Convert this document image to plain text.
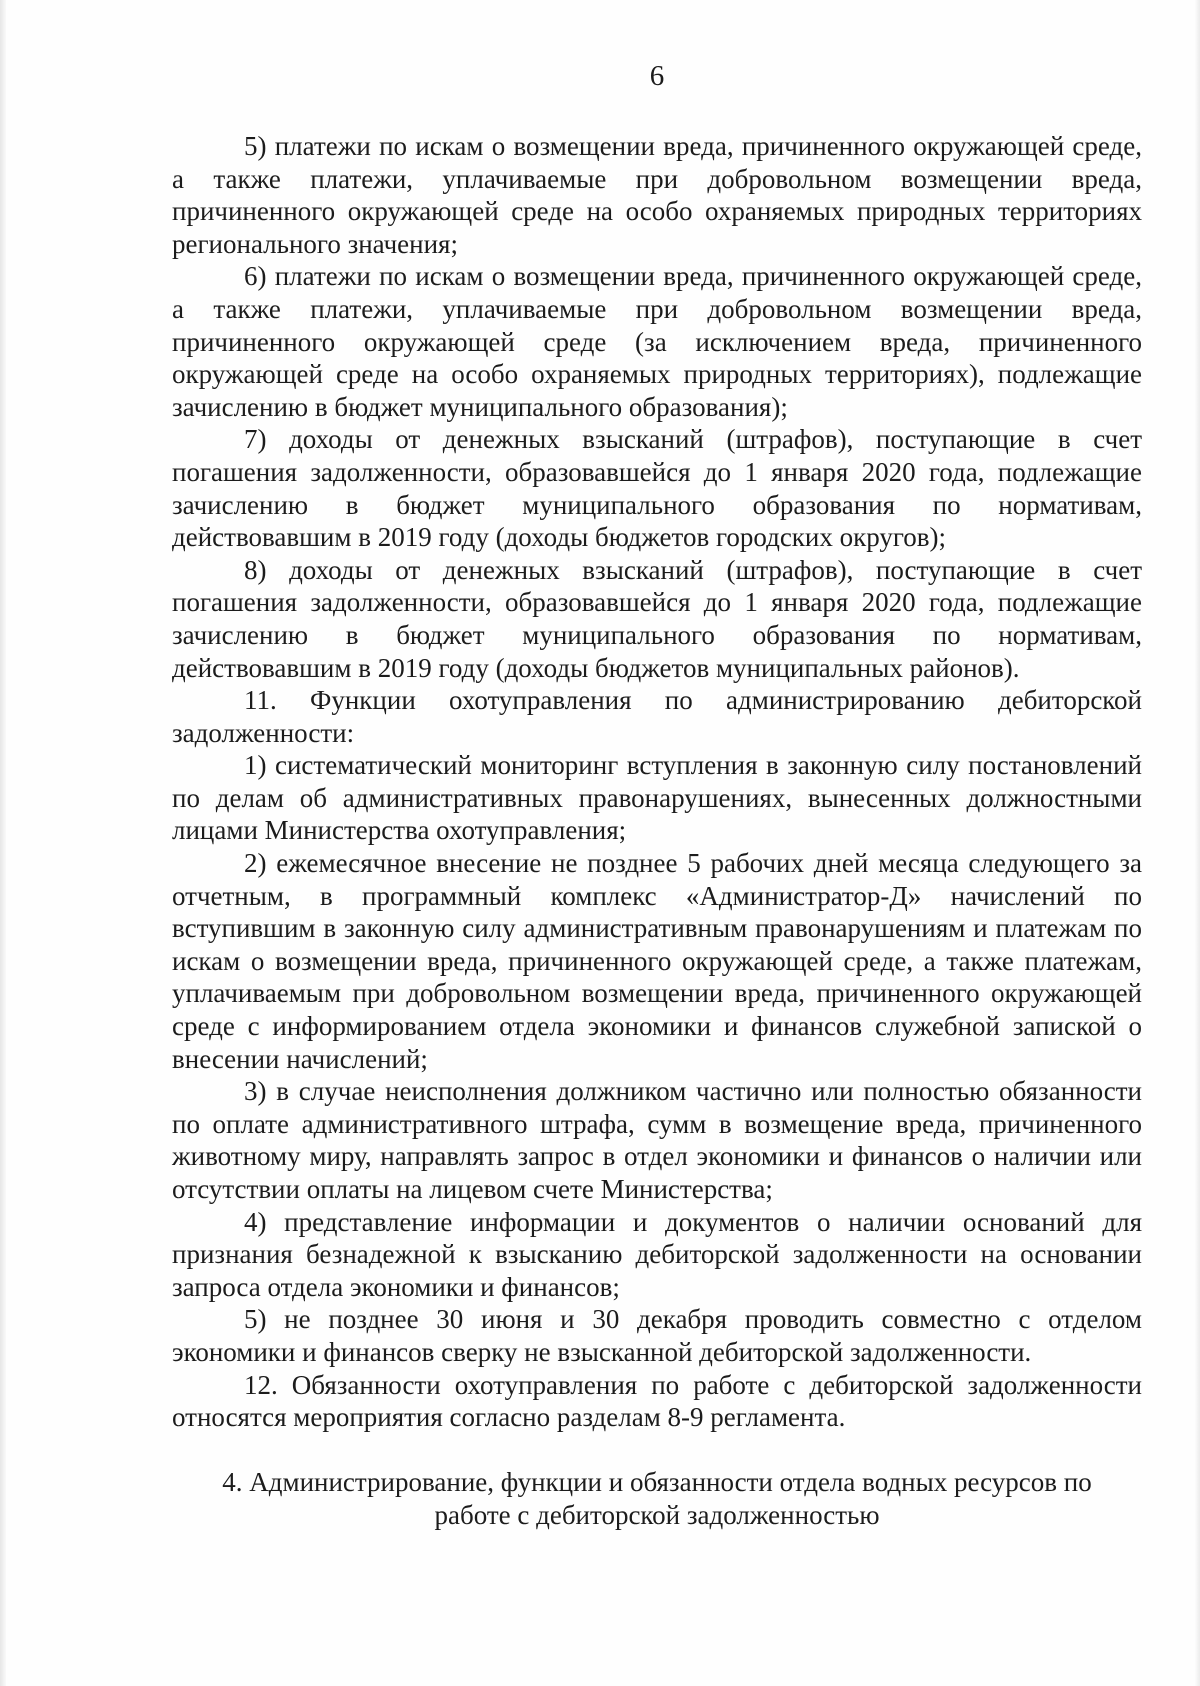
6

5) платежи по искам о возмещении вреда, причиненного окружающей среде, а также платежи, уплачиваемые при добровольном возмещении вреда, причиненного окружающей среде на особо охраняемых природных территориях регионального значения;

6) платежи по искам о возмещении вреда, причиненного окружающей среде, а также платежи, уплачиваемые при добровольном возмещении вреда, причиненного окружающей среде (за исключением вреда, причиненного окружающей среде на особо охраняемых природных территориях), подлежащие зачислению в бюджет муниципального образования);

7) доходы от денежных взысканий (штрафов), поступающие в счет погашения задолженности, образовавшейся до 1 января 2020 года, подлежащие зачислению в бюджет муниципального образования по нормативам, действовавшим в 2019 году (доходы бюджетов городских округов);

8) доходы от денежных взысканий (штрафов), поступающие в счет погашения задолженности, образовавшейся до 1 января 2020 года, подлежащие зачислению в бюджет муниципального образования по нормативам, действовавшим в 2019 году (доходы бюджетов муниципальных районов).

11. Функции охотуправления по администрированию дебиторской задолженности:

1) систематический мониторинг вступления в законную силу постановлений по делам об административных правонарушениях, вынесенных должностными лицами Министерства охотуправления;

2) ежемесячное внесение не позднее 5 рабочих дней месяца следующего за отчетным, в программный комплекс «Администратор-Д» начислений по вступившим в законную силу административным правонарушениям и платежам по искам о возмещении вреда, причиненного окружающей среде, а также платежам, уплачиваемым при добровольном возмещении вреда, причиненного окружающей среде с информированием отдела экономики и финансов служебной запиской о внесении начислений;

3) в случае неисполнения должником частично или полностью обязанности по оплате административного штрафа, сумм в возмещение вреда, причиненного животному миру, направлять запрос в отдел экономики и финансов о наличии или отсутствии оплаты на лицевом счете Министерства;

4) представление информации и документов о наличии оснований для признания безнадежной к взысканию дебиторской задолженности на основании запроса отдела экономики и финансов;

5) не позднее 30 июня и 30 декабря проводить совместно с отделом экономики и финансов сверку не взысканной дебиторской задолженности.

12. Обязанности охотуправления по работе с дебиторской задолженности относятся мероприятия согласно разделам 8-9 регламента.

4. Администрирование, функции и обязанности отдела водных ресурсов по
работе с дебиторской задолженностью
